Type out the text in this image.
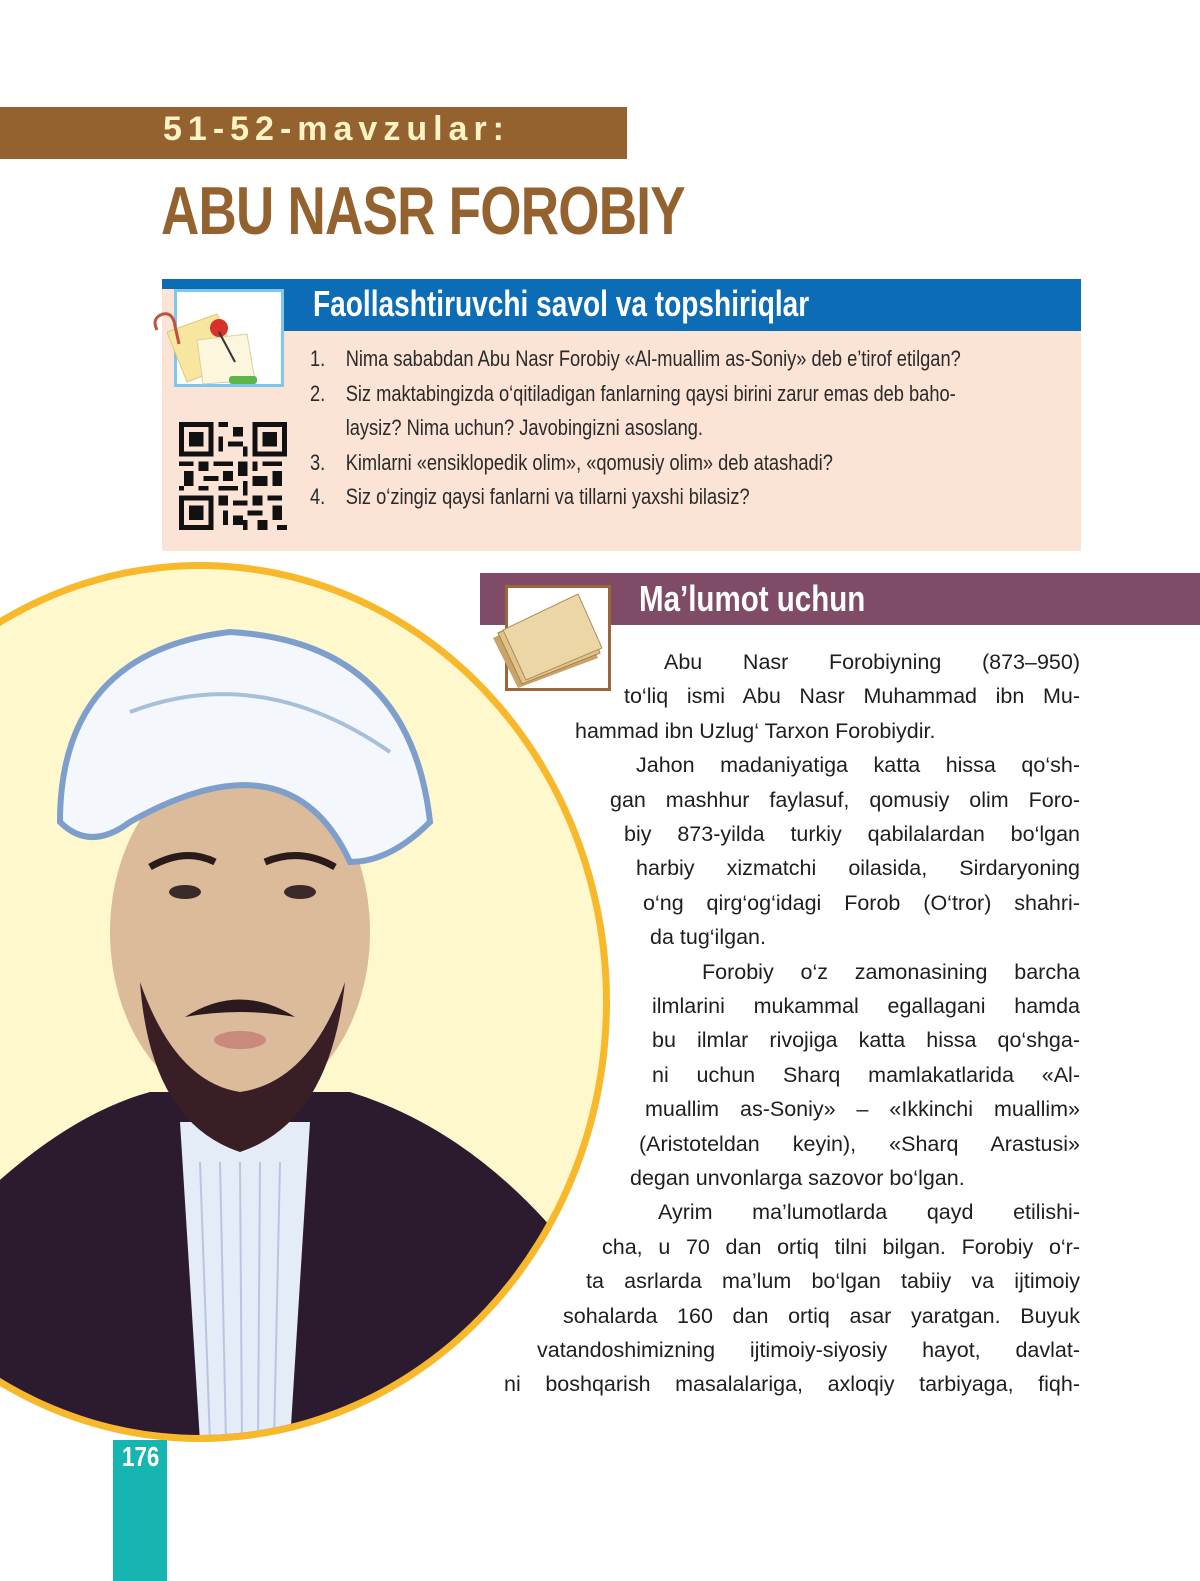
51-52-mavzular:
ABU NASR FOROBIY
Faollashtiruvchi savol va topshiriqlar
1. Nima sababdan Abu Nasr Forobiy «Al-muallim as-Soniy» deb e’tirof etilgan?
2. Siz maktabingizda o‘qitiladigan fanlarning qaysi birini zarur emas deb baho-
laysiz? Nima uchun? Javobingizni asoslang.
3. Kimlarni «ensiklopedik olim», «qomusiy olim» deb atashadi?
4. Siz o‘zingiz qaysi fanlarni va tillarni yaxshi bilasiz?
Ma’lumot uchun
Abu Nasr Forobiyning (873–950)
to‘liq ismi Abu Nasr Muhammad ibn Mu-
hammad ibn Uzlug‘ Tarxon Forobiydir.
Jahon madaniyatiga katta hissa qo‘sh-
gan mashhur faylasuf, qomusiy olim Foro-
biy 873-yilda turkiy qabilalardan bo‘lgan
harbiy xizmatchi oilasida, Sirdaryoning
o‘ng qirg‘og‘idagi Forob (O‘tror) shahri-
da tug‘ilgan.
Forobiy o‘z zamonasining barcha
ilmlarini mukammal egallagani hamda
bu ilmlar rivojiga katta hissa qo‘shga-
ni uchun Sharq mamlakatlarida «Al-
muallim as-Soniy» – «Ikkinchi muallim»
(Aristoteldan keyin), «Sharq Arastusi»
degan unvonlarga sazovor bo‘lgan.
Ayrim ma’lumotlarda qayd etilishi-
cha, u 70 dan ortiq tilni bilgan. Forobiy o‘r-
ta asrlarda ma’lum bo‘lgan tabiiy va ijtimoiy
sohalarda 160 dan ortiq asar yaratgan. Buyuk
vatandoshimizning ijtimoiy-siyosiy hayot, davlat-
ni boshqarish masalalariga, axloqiy tarbiyaga, fiqh-
176
